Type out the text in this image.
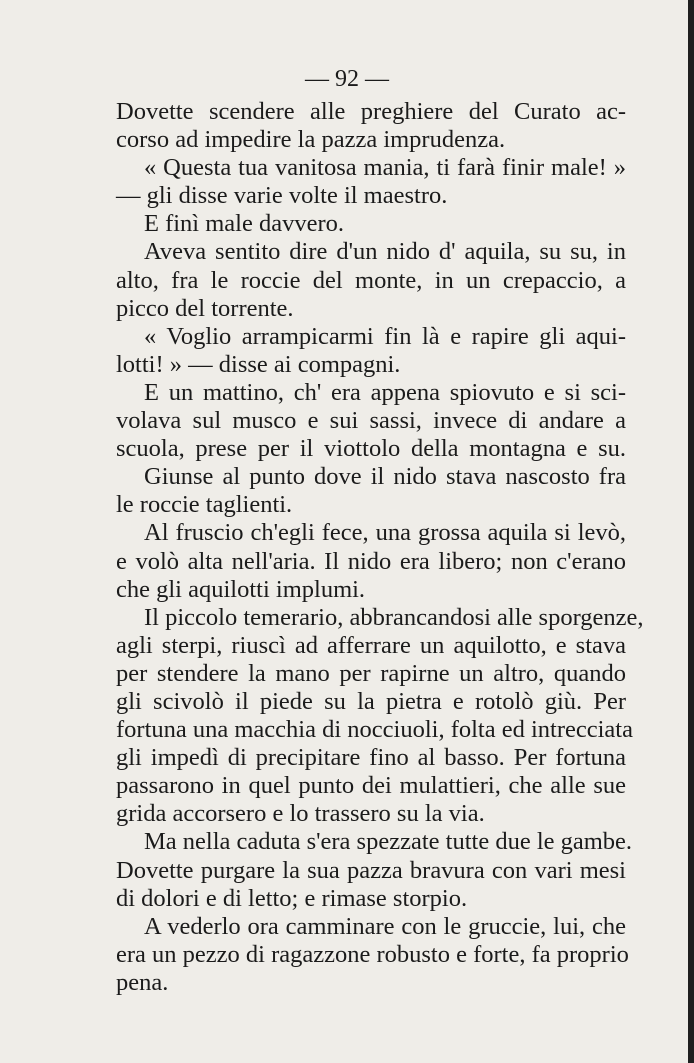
— 92 —
Dovette scendere alle preghiere del Curato ac-
corso ad impedire la pazza imprudenza.
« Questa tua vanitosa mania, ti farà finir male! »
— gli disse varie volte il maestro.
E finì male davvero.
Aveva sentito dire d'un nido d' aquila, su su, in
alto, fra le roccie del monte, in un crepaccio, a
picco del torrente.
« Voglio arrampicarmi fin là e rapire gli aqui-
lotti! » — disse ai compagni.
E un mattino, ch' era appena spiovuto e si sci-
volava sul musco e sui sassi, invece di andare a
scuola, prese per il viottolo della montagna e su.
Giunse al punto dove il nido stava nascosto fra
le roccie taglienti.
Al fruscio ch'egli fece, una grossa aquila si levò,
e volò alta nell'aria. Il nido era libero; non c'erano
che gli aquilotti implumi.
Il piccolo temerario, abbrancandosi alle sporgenze,
agli sterpi, riuscì ad afferrare un aquilotto, e stava
per stendere la mano per rapirne un altro, quando
gli scivolò il piede su la pietra e rotolò giù. Per
fortuna una macchia di nocciuoli, folta ed intrecciata
gli impedì di precipitare fino al basso. Per fortuna
passarono in quel punto dei mulattieri, che alle sue
grida accorsero e lo trassero su la via.
Ma nella caduta s'era spezzate tutte due le gambe.
Dovette purgare la sua pazza bravura con vari mesi
di dolori e di letto; e rimase storpio.
A vederlo ora camminare con le gruccie, lui, che
era un pezzo di ragazzone robusto e forte, fa proprio
pena.
